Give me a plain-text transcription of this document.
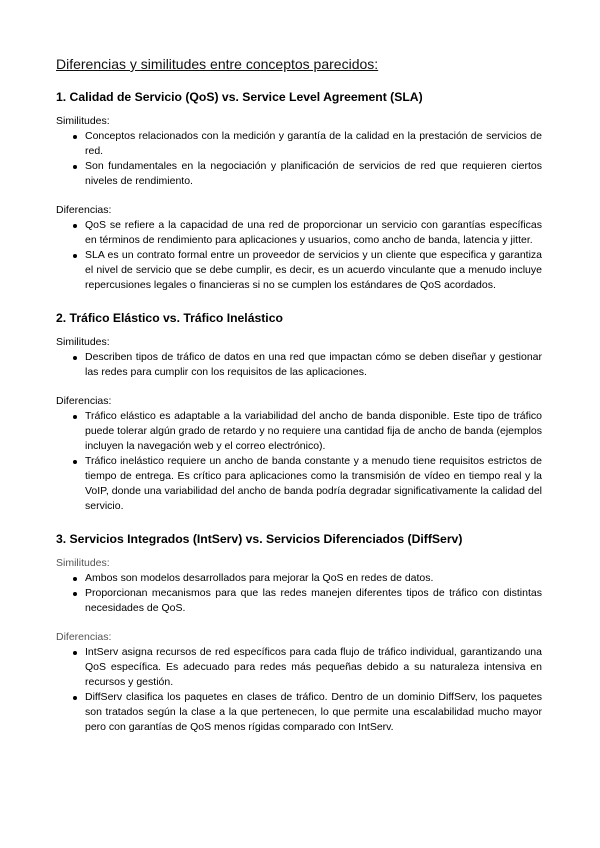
Diferencias y similitudes entre conceptos parecidos:
1. Calidad de Servicio (QoS) vs. Service Level Agreement (SLA)

Similitudes:

Conceptos relacionados con la medición y garantía de la calidad en la prestación de servicios de red.
Son fundamentales en la negociación y planificación de servicios de red que requieren ciertos niveles de rendimiento.

Diferencias:

QoS se refiere a la capacidad de una red de proporcionar un servicio con garantías específicas en términos de rendimiento para aplicaciones y usuarios, como ancho de banda, latencia y jitter.
SLA es un contrato formal entre un proveedor de servicios y un cliente que especifica y garantiza el nivel de servicio que se debe cumplir, es decir, es un acuerdo vinculante que a menudo incluye repercusiones legales o financieras si no se cumplen los estándares de QoS acordados.
2. Tráfico Elástico vs. Tráfico Inelástico

Similitudes:

Describen tipos de tráfico de datos en una red que impactan cómo se deben diseñar y gestionar las redes para cumplir con los requisitos de las aplicaciones.

Diferencias:

Tráfico elástico es adaptable a la variabilidad del ancho de banda disponible. Este tipo de tráfico puede tolerar algún grado de retardo y no requiere una cantidad fija de ancho de banda (ejemplos incluyen la navegación web y el correo electrónico).
Tráfico inelástico requiere un ancho de banda constante y a menudo tiene requisitos estrictos de tiempo de entrega. Es crítico para aplicaciones como la transmisión de vídeo en tiempo real y la VoIP, donde una variabilidad del ancho de banda podría degradar significativamente la calidad del servicio.
3. Servicios Integrados (IntServ) vs. Servicios Diferenciados (DiffServ)

Similitudes:

Ambos son modelos desarrollados para mejorar la QoS en redes de datos.
Proporcionan mecanismos para que las redes manejen diferentes tipos de tráfico con distintas necesidades de QoS.

Diferencias:

IntServ asigna recursos de red específicos para cada flujo de tráfico individual, garantizando una QoS específica. Es adecuado para redes más pequeñas debido a su naturaleza intensiva en recursos y gestión.
DiffServ clasifica los paquetes en clases de tráfico. Dentro de un dominio DiffServ, los paquetes son tratados según la clase a la que pertenecen, lo que permite una escalabilidad mucho mayor pero con garantías de QoS menos rígidas comparado con IntServ.
